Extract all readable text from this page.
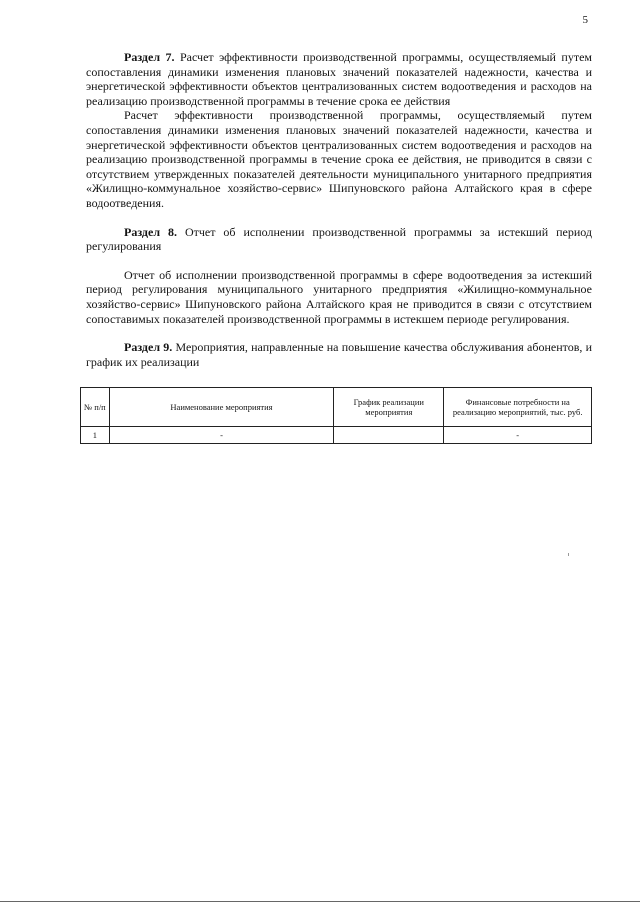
5

Раздел 7. Расчет эффективности производственной программы, осуществляемый путем сопоставления динамики изменения плановых значений показателей надежности, качества и энергетической эффективности объектов централизованных систем водоотведения и расходов на реализацию производственной программы в течение срока ее действия

Расчет эффективности производственной программы, осуществляемый путем сопоставления динамики изменения плановых значений показателей надежности, качества и энергетической эффективности объектов централизованных систем водоотведения и расходов на реализацию производственной программы в течение срока ее действия, не приводится в связи с отсутствием утвержденных показателей деятельности муниципального унитарного предприятия «Жилищно-коммунальное хозяйство-сервис» Шипуновского района Алтайского края в сфере водоотведения.

Раздел 8. Отчет об исполнении производственной программы за истекший период регулирования

Отчет об исполнении производственной программы в сфере водоотведения за истекший период регулирования муниципального унитарного предприятия «Жилищно-коммунальное хозяйство-сервис» Шипуновского района Алтайского края не приводится в связи с отсутствием сопоставимых показателей производственной программы в истекшем периоде регулирования.

Раздел 9. Мероприятия, направленные на повышение качества обслуживания абонентов, и график их реализации

№ п/п	Наименование мероприятия	График реализации мероприятия	Финансовые потребности на реализацию мероприятий, тыс. руб.
1	-		-
